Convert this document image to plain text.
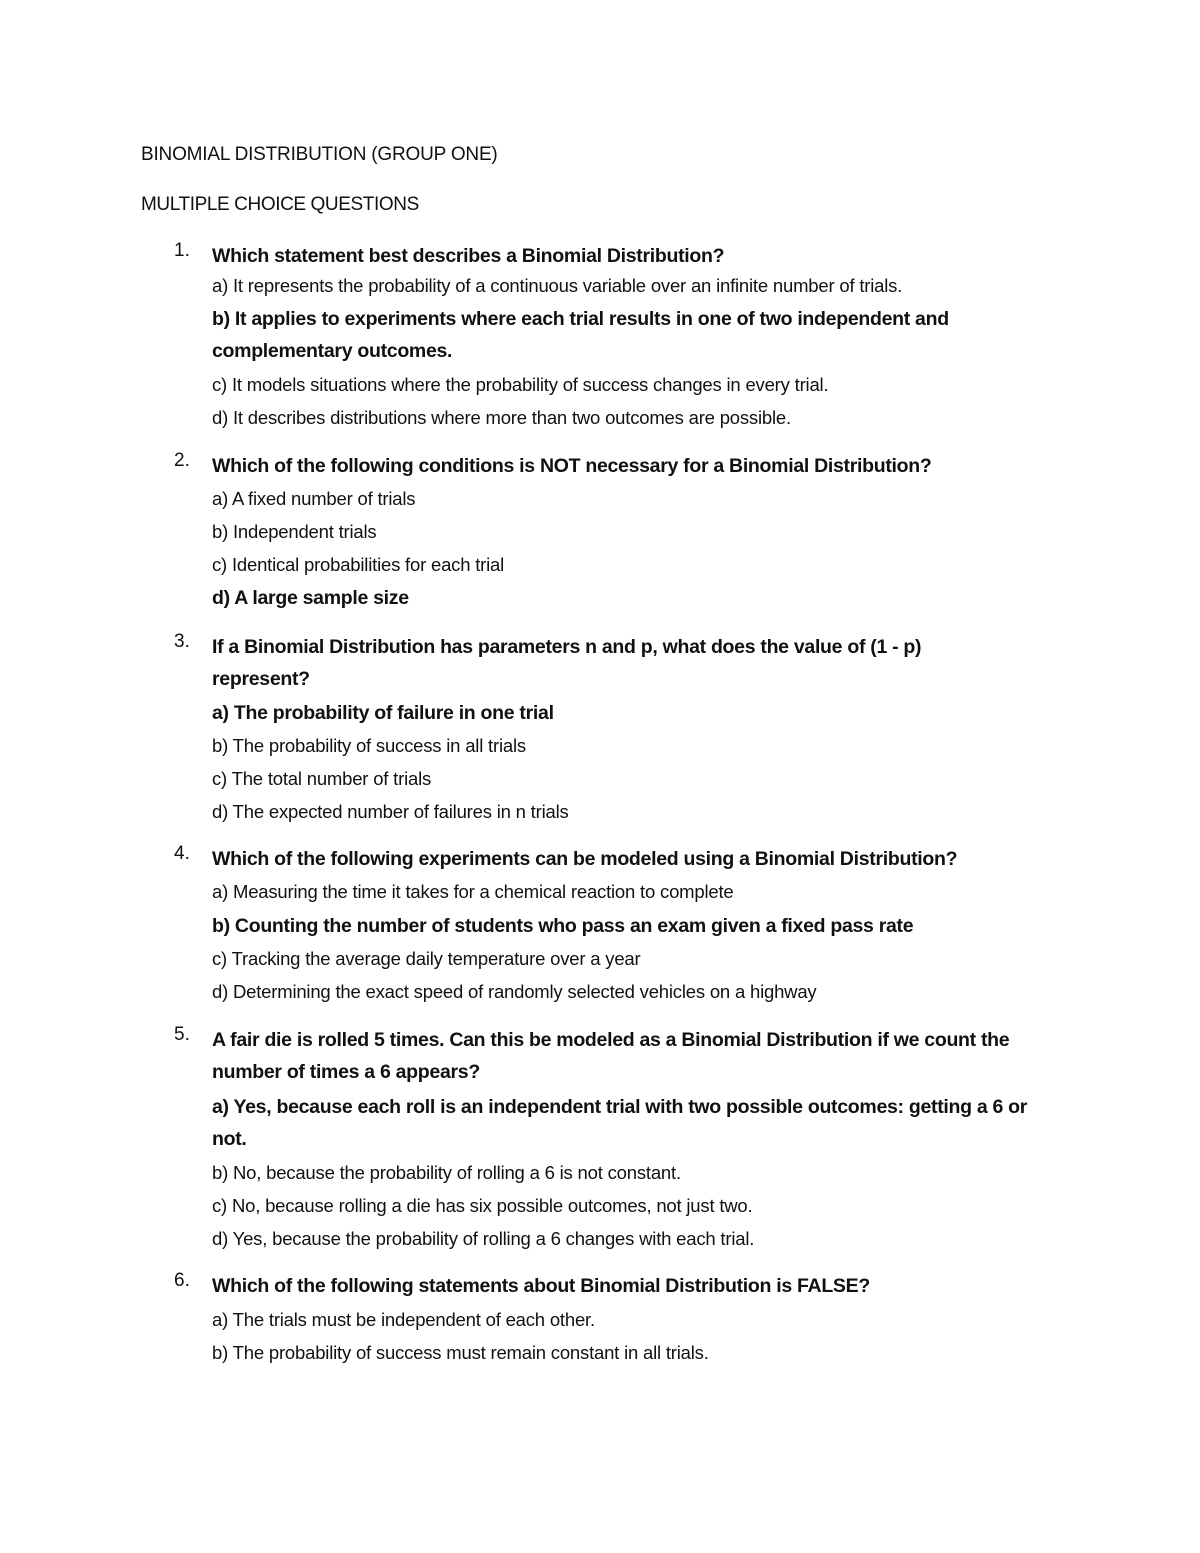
BINOMIAL DISTRIBUTION (GROUP ONE)

MULTIPLE CHOICE QUESTIONS

1. Which statement best describes a Binomial Distribution?
a) It represents the probability of a continuous variable over an infinite number of trials.
b) It applies to experiments where each trial results in one of two independent and complementary outcomes.
c) It models situations where the probability of success changes in every trial.
d) It describes distributions where more than two outcomes are possible.
2. Which of the following conditions is NOT necessary for a Binomial Distribution?
a) A fixed number of trials
b) Independent trials
c) Identical probabilities for each trial
d) A large sample size
3. If a Binomial Distribution has parameters n and p, what does the value of (1 - p) represent?
a) The probability of failure in one trial
b) The probability of success in all trials
c) The total number of trials
d) The expected number of failures in n trials
4. Which of the following experiments can be modeled using a Binomial Distribution?
a) Measuring the time it takes for a chemical reaction to complete
b) Counting the number of students who pass an exam given a fixed pass rate
c) Tracking the average daily temperature over a year
d) Determining the exact speed of randomly selected vehicles on a highway
5. A fair die is rolled 5 times. Can this be modeled as a Binomial Distribution if we count the number of times a 6 appears?
a) Yes, because each roll is an independent trial with two possible outcomes: getting a 6 or not.
b) No, because the probability of rolling a 6 is not constant.
c) No, because rolling a die has six possible outcomes, not just two.
d) Yes, because the probability of rolling a 6 changes with each trial.
6. Which of the following statements about Binomial Distribution is FALSE?
a) The trials must be independent of each other.
b) The probability of success must remain constant in all trials.
